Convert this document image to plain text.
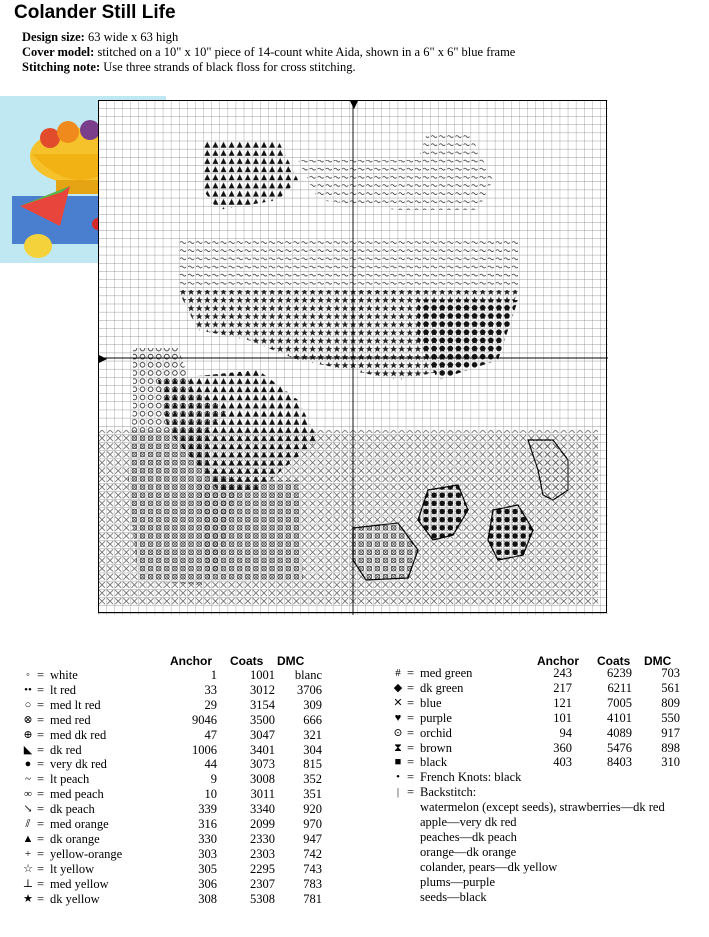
Colander Still Life
Design size: 63 wide x 63 high
Cover model: stitched on a 10" x 10" piece of 14-count white Aida, shown in a 6" x 6" blue frame
Stitching note: Use three strands of black floss for cross stitching.
Anchor Coats DMC
◦ = white	1	1001	blanc
•• = lt red	33	3012	3706
○ = med lt red	29	3154	309
⊗ = med red	9046	3500	666
⊕ = med dk red	47	3047	321
◣ = dk red	1006	3401	304
● = very dk red	44	3073	815
~ = lt peach	9	3008	352
∞ = med peach	10	3011	351
↘ = dk peach	339	3340	920
⫽ = med orange	316	2099	970
▲ = dk orange	330	2330	947
+ = yellow-orange	303	2303	742
☆ = lt yellow	305	2295	743
⊥ = med yellow	306	2307	783
★ = dk yellow	308	5308	781
Anchor Coats DMC
# = med green	243	6239	703
◆ = dk green	217	6211	561
✕ = blue	121	7005	809
♥ = purple	101	4101	550
⊙ = orchid	94	4089	917
⧗ = brown	360	5476	898
■ = black	403	8403	310
• = French Knots: black
| = Backstitch:
watermelon (except seeds), strawberries—dk red
apple—very dk red
peaches—dk peach
orange—dk orange
colander, pears—dk yellow
plums—purple
seeds—black
